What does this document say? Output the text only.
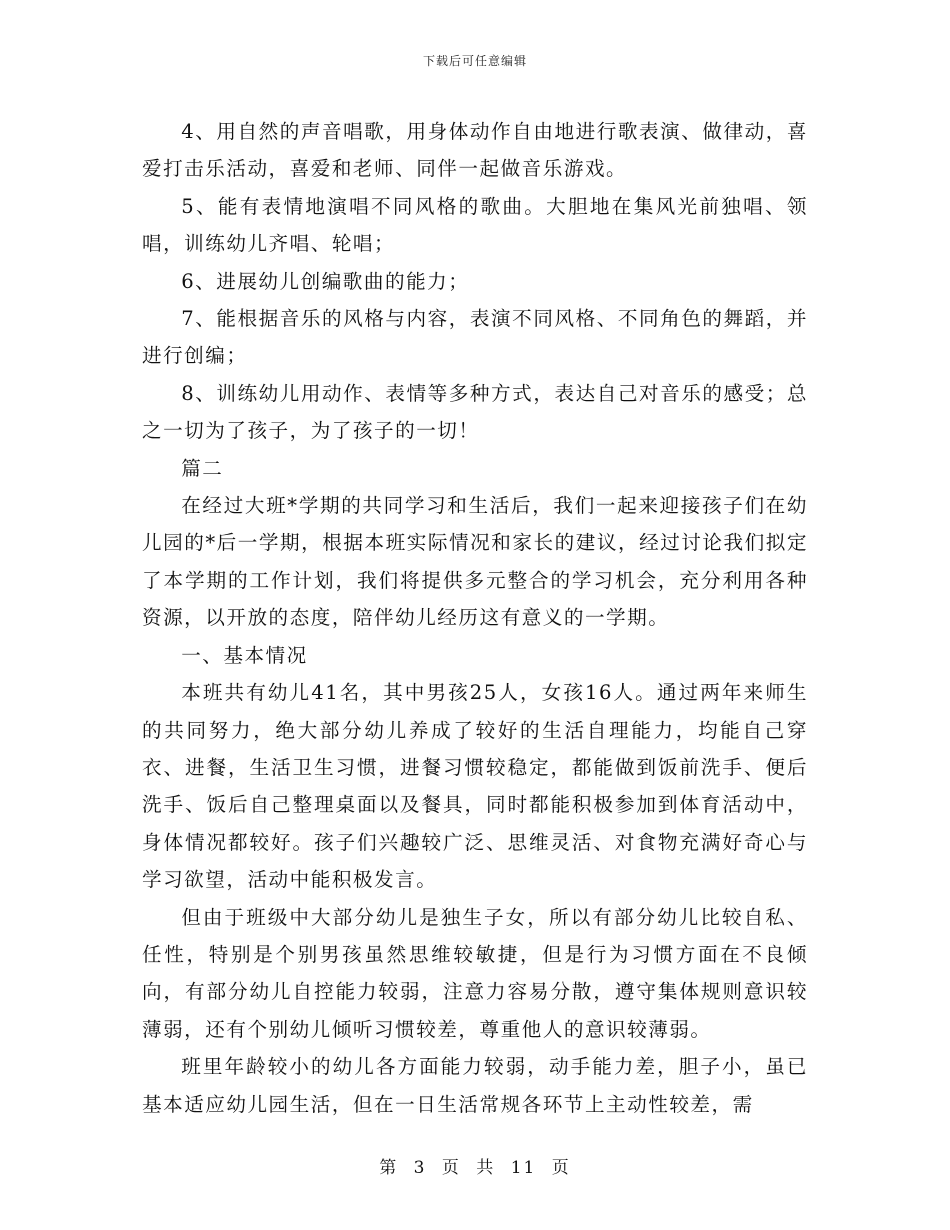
下载后可任意编辑

4、用自然的声音唱歌，用身体动作自由地进行歌表演、做律动，喜爱打击乐活动，喜爱和老师、同伴一起做音乐游戏。

5、能有表情地演唱不同风格的歌曲。大胆地在集风光前独唱、领唱，训练幼儿齐唱、轮唱；

6、进展幼儿创编歌曲的能力；

7、能根据音乐的风格与内容，表演不同风格、不同角色的舞蹈，并进行创编；

8、训练幼儿用动作、表情等多种方式，表达自己对音乐的感受；总之一切为了孩子，为了孩子的一切！

篇二

在经过大班*学期的共同学习和生活后，我们一起来迎接孩子们在幼儿园的*后一学期，根据本班实际情况和家长的建议，经过讨论我们拟定了本学期的工作计划，我们将提供多元整合的学习机会，充分利用各种资源，以开放的态度，陪伴幼儿经历这有意义的一学期。

一、基本情况

本班共有幼儿41名，其中男孩25人，女孩16人。通过两年来师生的共同努力，绝大部分幼儿养成了较好的生活自理能力，均能自己穿衣、进餐，生活卫生习惯，进餐习惯较稳定，都能做到饭前洗手、便后洗手、饭后自己整理桌面以及餐具，同时都能积极参加到体育活动中，身体情况都较好。孩子们兴趣较广泛、思维灵活、对食物充满好奇心与学习欲望，活动中能积极发言。

但由于班级中大部分幼儿是独生子女，所以有部分幼儿比较自私、任性，特别是个别男孩虽然思维较敏捷，但是行为习惯方面在不良倾向，有部分幼儿自控能力较弱，注意力容易分散，遵守集体规则意识较薄弱，还有个别幼儿倾听习惯较差，尊重他人的意识较薄弱。

班里年龄较小的幼儿各方面能力较弱，动手能力差，胆子小，虽已基本适应幼儿园生活，但在一日生活常规各环节上主动性较差，需

第 3 页 共 11 页
